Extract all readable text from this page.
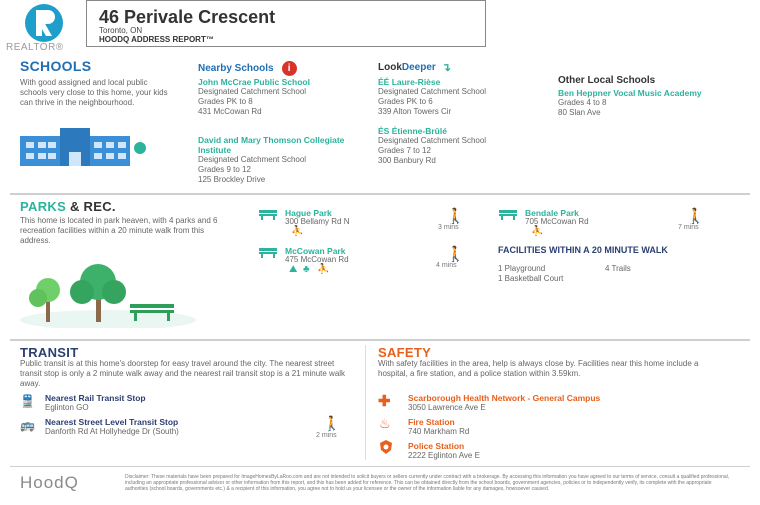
REALTOR®
46 Perivale Crescent
Toronto, ON
HOODQ ADDRESS REPORT™
SCHOOLS
With good assigned and local public schools very close to this home, your kids can thrive in the neighbourhood.
Nearby Schools	i
John McCrae Public School
Designated Catchment School
Grades PK to 8
431 McCowan Rd
David and Mary Thomson Collegiate Institute
Designated Catchment School
Grades 9 to 12
125 Brockley Drive
LookDeeper ↴
ÉÉ Laure-Rièse
Designated Catchment School
Grades PK to 6
339 Alton Towers Cir
ÉS Étienne-Brûlé
Designated Catchment School
Grades 7 to 12
300 Banbury Rd
Other Local Schools
Ben Heppner Vocal Music Academy
Grades 4 to 8
80 Slan Ave
PARKS & REC.
This home is located in park heaven, with 4 parks and 6 recreation facilities within a 20 minute walk from this address.
Hague Park
300 Bellamy Rd N
⛹
🚶
3 mins
McCowan Park
475 McCowan Rd
⛰ ♣ ⛹
🚶
4 mins
Bendale Park
705 McCowan Rd
⛹
🚶
7 mins
FACILITIES WITHIN A 20 MINUTE WALK
1 Playground	4 Trails
1 Basketball Court
TRANSIT
Public transit is at this home's doorstep for easy travel around the city. The nearest street transit stop is only a 2 minute walk away and the nearest rail transit stop is a 21 minute walk away.
🚆 Nearest Rail Transit Stop
Eglinton GO
🚌 Nearest Street Level Transit Stop
Danforth Rd At Hollyhedge Dr (South)
🚶
2 mins
SAFETY
With safety facilities in the area, help is always close by. Facilities near this home include a hospital, a fire station, and a police station within 3.59km.
✚ Scarborough Health Network - General Campus
3050 Lawrence Ave E
♨ Fire Station
740 Markham Rd
Police Station
2222 Eglinton Ave E
HoodQ	Disclaimer: These materials have been prepared for ImageHomesByLaRoo.com and are not intended to solicit buyers or sellers currently under contract with a brokerage. By accessing this information you have agreed to our terms of service, consult a qualified professional, including an appropriate professional advisor or other information from this report, and this has been added for reference. This can be obtained directly from the school boards, government agencies, policies or to independently verify, its complete with the appropriate authorities (school boards, governments etc.) & a recipient of this information, you agree not to hold us your licensee or the owner of the information liable for any damages, howsoever caused.
